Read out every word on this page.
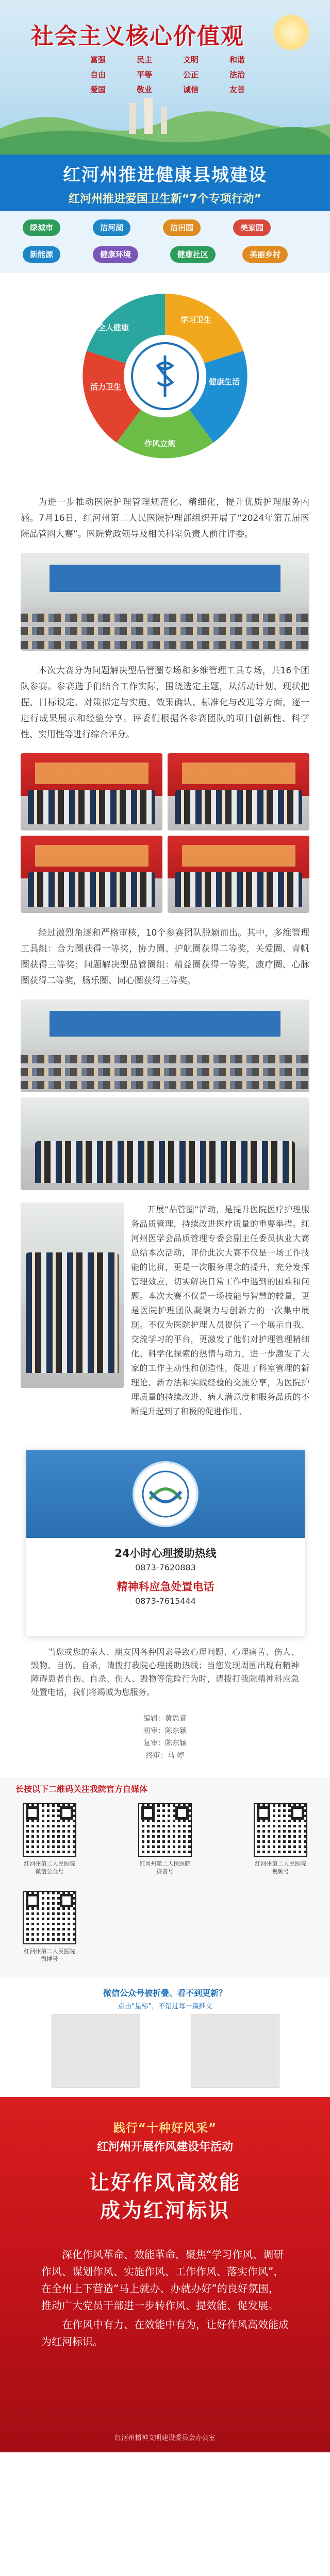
社会主义核心价值观
富强	民主	文明	和谐
自由	平等	公正	法治
爱国	敬业	诚信	友善
红河州推进健康县城建设
红河州推进爱国卫生新“7个专项行动”
绿城市	洁河湖	洁田园	美家园
新能源	健康环境	健康社区	美丽乡村
全人健康
学习卫生
健康生活
作风立规
活力卫生

为进一步推动医院护理管理规范化、精细化，提升优质护理服务内涵。7月16日，红河州第二人民医院护理部组织开展了“2024年第五届医院品管圈大赛”。医院党政领导及相关科室负责人前往评委。

本次大赛分为问题解决型品管圈专场和多维管理工具专场，共16个团队参赛。参赛选手们结合工作实际，围绕选定主题，从活动计划、现状把握、目标设定、对策拟定与实施、效果确认、标准化与改进等方面，逐一进行成果展示和经验分享。评委们根据各参赛团队的项目创新性、科学性、实用性等进行综合评分。

经过激烈角逐和严格审核，10个参赛团队脱颖而出。其中，多维管理工具组：合力圈获得一等奖，协力圈、护航圈获得二等奖，关爱圈、青帆圈获得三等奖；问题解决型品管圈组：精益圈获得一等奖，康疗圈、心脉圈获得二等奖，肠乐圈、同心圈获得三等奖。

开展“品管圈”活动，是提升医院医疗护理服务品质管理，持续改进医疗质量的重要举措。红河州医学会品质管理专委会副主任委员执业大赛总结本次活动，评价此次大赛不仅是一场工作技能的比拼，更是一次服务理念的提升，充分发挥管理效应，切实解决日常工作中遇到的困难和问题。本次大赛不仅是一场技能与智慧的较量，更是医院护理团队凝聚力与创新力的一次集中展现。不仅为医院护理人员提供了一个展示自我、交流学习的平台，更激发了他们对护理管理精细化、科学化探索的热情与动力，进一步激发了大家的工作主动性和创造性，促进了科室管理的新理论、新方法和实践经验的交流分享，为医院护理质量的持续改进、病人满意度和服务品质的不断提升起到了积极的促进作用。

24小时心理援助热线
0873-7620883
精神科应急处置电话
0873-7615444

当您或您的亲人、朋友因各种因素导致心理问题、心理痛苦、伤人、毁物、自伤、自杀，请拨打我院心理援助热线；当您发现周围出现有精神障碍患者自伤、自杀、伤人、毁物等危险行为时，请拨打我院精神科应急处置电话，我们将竭诚为您服务。

编辑：黄思音
初审：陈东颖
复审：陈东颖
终审：马 婷
长按以下二维码关注我院官方自媒体
红河州第二人民医院
微信公众号
红河州第二人民医院
抖音号
红河州第二人民医院
视频号
红河州第二人民医院
微博号
微信公众号被折叠、看不到更新？
点击“星标”，不错过每一篇推文
践行“十种好风采”
红河州开展作风建设年活动
让好作风高效能
成为红河标识

深化作风革命、效能革命，聚焦“学习作风、调研作风、谋划作风、实施作风、工作作风、落实作风”，在全州上下营造“马上就办、办就办好”的良好氛围，推动广大党员干部进一步转作风、提效能、促发展。

在作风中有力、在效能中有为，让好作风高效能成为红河标识。

红河州精神文明建设委员会办公室
